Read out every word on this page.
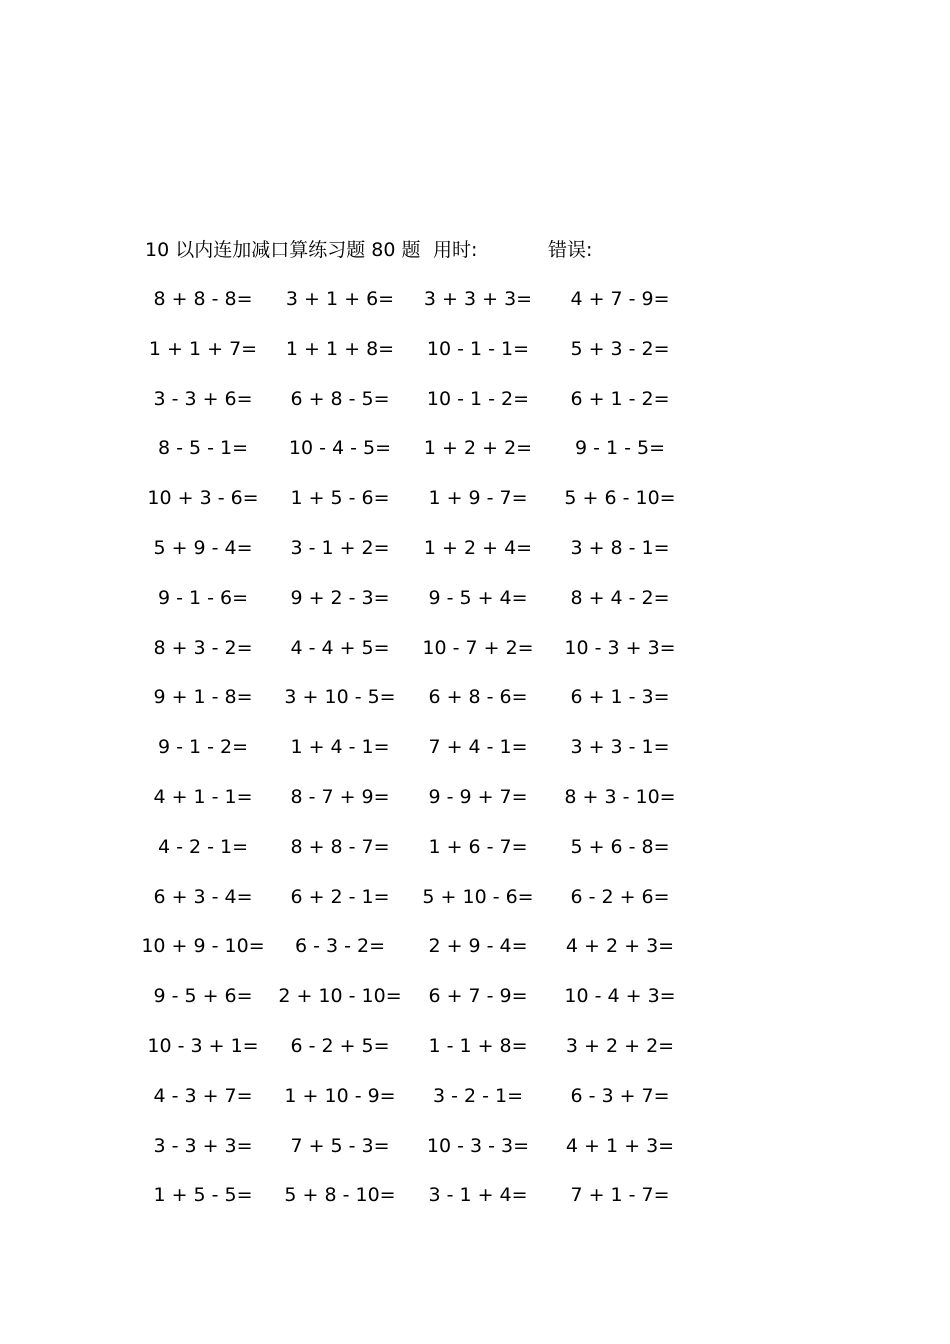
10 以内连加减口算练习题 80 题 用时:	错误:
8 + 8 - 8=	3 + 1 + 6=	3 + 3 + 3=	4 + 7 - 9=
1 + 1 + 7=	1 + 1 + 8=	10 - 1 - 1=	5 + 3 - 2=
3 - 3 + 6=	6 + 8 - 5=	10 - 1 - 2=	6 + 1 - 2=
8 - 5 - 1=	10 - 4 - 5=	1 + 2 + 2=	9 - 1 - 5=
10 + 3 - 6=	1 + 5 - 6=	1 + 9 - 7=	5 + 6 - 10=
5 + 9 - 4=	3 - 1 + 2=	1 + 2 + 4=	3 + 8 - 1=
9 - 1 - 6=	9 + 2 - 3=	9 - 5 + 4=	8 + 4 - 2=
8 + 3 - 2=	4 - 4 + 5=	10 - 7 + 2=	10 - 3 + 3=
9 + 1 - 8=	3 + 10 - 5=	6 + 8 - 6=	6 + 1 - 3=
9 - 1 - 2=	1 + 4 - 1=	7 + 4 - 1=	3 + 3 - 1=
4 + 1 - 1=	8 - 7 + 9=	9 - 9 + 7=	8 + 3 - 10=
4 - 2 - 1=	8 + 8 - 7=	1 + 6 - 7=	5 + 6 - 8=
6 + 3 - 4=	6 + 2 - 1=	5 + 10 - 6=	6 - 2 + 6=
10 + 9 - 10=	6 - 3 - 2=	2 + 9 - 4=	4 + 2 + 3=
9 - 5 + 6=	2 + 10 - 10=	6 + 7 - 9=	10 - 4 + 3=
10 - 3 + 1=	6 - 2 + 5=	1 - 1 + 8=	3 + 2 + 2=
4 - 3 + 7=	1 + 10 - 9=	3 - 2 - 1=	6 - 3 + 7=
3 - 3 + 3=	7 + 5 - 3=	10 - 3 - 3=	4 + 1 + 3=
1 + 5 - 5=	5 + 8 - 10=	3 - 1 + 4=	7 + 1 - 7=
